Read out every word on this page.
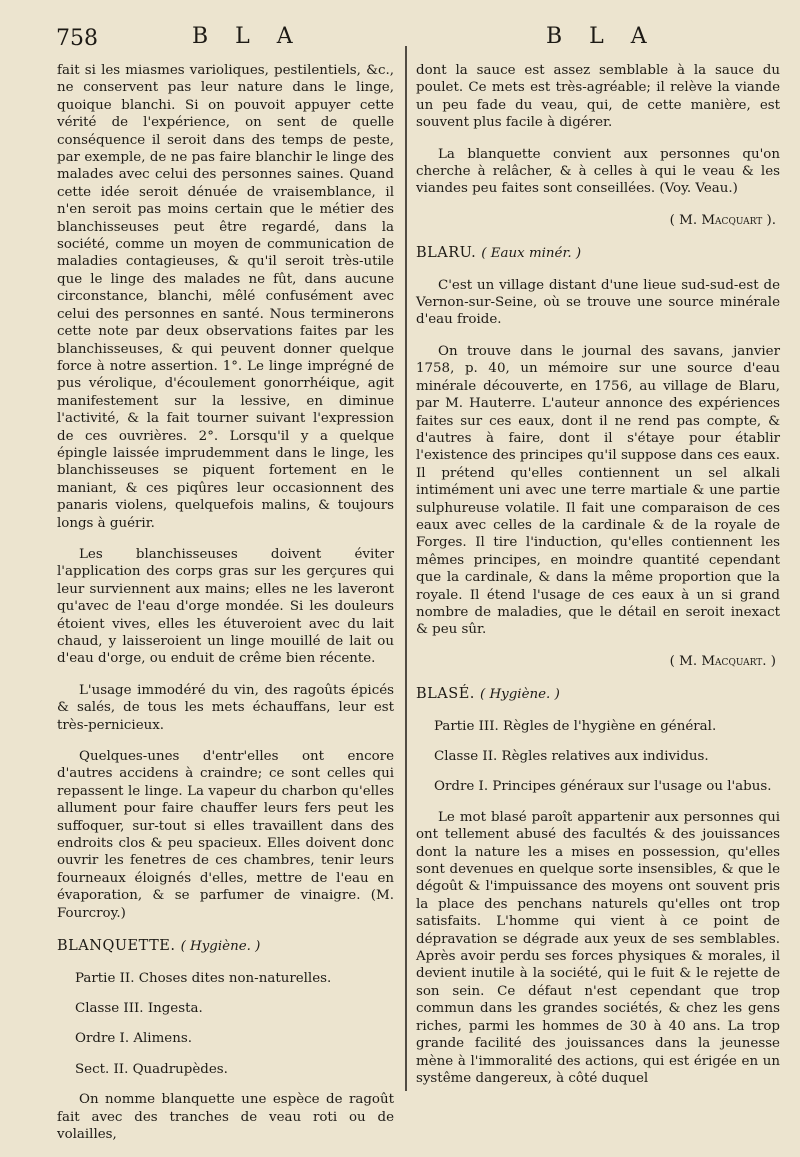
758	B L A	B L A

fait si les miasmes varioliques, pestilentiels, &c., ne conservent pas leur nature dans le linge, quoique blanchi. Si on pouvoit appuyer cette vérité de l'expérience, on sent de quelle conséquence il seroit dans des temps de peste, par exemple, de ne pas faire blanchir le linge des malades avec celui des personnes saines. Quand cette idée seroit dénuée de vraisemblance, il n'en seroit pas moins certain que le métier des blanchisseuses peut être regardé, dans la société, comme un moyen de communication de maladies contagieuses, & qu'il seroit très-utile que le linge des malades ne fût, dans aucune circonstance, blanchi, mêlé confusément avec celui des personnes en santé. Nous terminerons cette note par deux observations faites par les blanchisseuses, & qui peuvent donner quelque force à notre assertion. 1°. Le linge imprégné de pus vérolique, d'écoulement gonorrhéique, agit manifestement sur la lessive, en diminue l'activité, & la fait tourner suivant l'expression de ces ouvrières. 2°. Lorsqu'il y a quelque épingle laissée imprudemment dans le linge, les blanchisseuses se piquent fortement en le maniant, & ces piqûres leur occasionnent des panaris violens, quelquefois malins, & toujours longs à guérir.

Les blanchisseuses doivent éviter l'application des corps gras sur les gerçures qui leur surviennent aux mains; elles ne les laveront qu'avec de l'eau d'orge mondée. Si les douleurs étoient vives, elles les étuveroient avec du lait chaud, y laisseroient un linge mouillé de lait ou d'eau d'orge, ou enduit de crême bien récente.

L'usage immodéré du vin, des ragoûts épicés & salés, de tous les mets échauffans, leur est très-pernicieux.

Quelques-unes d'entr'elles ont encore d'autres accidens à craindre; ce sont celles qui repassent le linge. La vapeur du charbon qu'elles allument pour faire chauffer leurs fers peut les suffoquer, sur-tout si elles travaillent dans des endroits clos & peu spacieux. Elles doivent donc ouvrir les fenetres de ces chambres, tenir leurs fourneaux éloignés d'elles, mettre de l'eau en évaporation, & se parfumer de vinaigre. (M. Fourcroy.)

BLANQUETTE. ( Hygiène. )

Partie II. Choses dites non-naturelles.

Classe III. Ingesta.

Ordre I. Alimens.

Sect. II. Quadrupèdes.

On nomme blanquette une espèce de ragoût fait avec des tranches de veau roti ou de volailles,

dont la sauce est assez semblable à la sauce du poulet. Ce mets est très-agréable; il relève la viande un peu fade du veau, qui, de cette manière, est souvent plus facile à digérer.

La blanquette convient aux personnes qu'on cherche à relâcher, & à celles à qui le veau & les viandes peu faites sont conseillées. (Voy. Veau.)

( M. Macquart ).
BLARU. ( Eaux minér. )

C'est un village distant d'une lieue sud-sud-est de Vernon-sur-Seine, où se trouve une source minérale d'eau froide.

On trouve dans le journal des savans, janvier 1758, p. 40, un mémoire sur une source d'eau minérale découverte, en 1756, au village de Blaru, par M. Hauterre. L'auteur annonce des expériences faites sur ces eaux, dont il ne rend pas compte, & d'autres à faire, dont il s'étaye pour établir l'existence des principes qu'il suppose dans ces eaux. Il prétend qu'elles contiennent un sel alkali intimément uni avec une terre martiale & une partie sulphureuse volatile. Il fait une comparaison de ces eaux avec celles de la cardinale & de la royale de Forges. Il tire l'induction, qu'elles contiennent les mêmes principes, en moindre quantité cependant que la cardinale, & dans la même proportion que la royale. Il étend l'usage de ces eaux à un si grand nombre de maladies, que le détail en seroit inexact & peu sûr.

( M. Macquart. )
BLASÉ. ( Hygiène. )

Partie III. Règles de l'hygiène en général.

Classe II. Règles relatives aux individus.

Ordre I. Principes généraux sur l'usage ou l'abus.

Le mot blasé paroît appartenir aux personnes qui ont tellement abusé des facultés & des jouissances dont la nature les a mises en possession, qu'elles sont devenues en quelque sorte insensibles, & que le dégoût & l'impuissance des moyens ont souvent pris la place des penchans naturels qu'elles ont trop satisfaits. L'homme qui vient à ce point de dépravation se dégrade aux yeux de ses semblables. Après avoir perdu ses forces physiques & morales, il devient inutile à la société, qui le fuit & le rejette de son sein. Ce défaut n'est cependant que trop commun dans les grandes sociétés, & chez les gens riches, parmi les hommes de 30 à 40 ans. La trop grande facilité des jouissances dans la jeunesse mène à l'immoralité des actions, qui est érigée en un systême dangereux, à côté duquel
